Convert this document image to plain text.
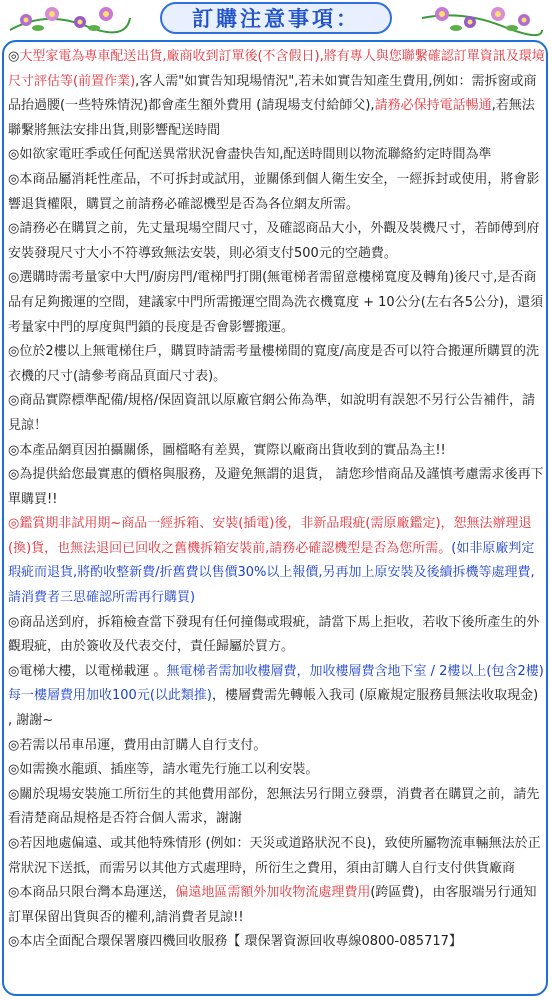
訂購注意事項：

◎大型家電為專車配送出貨,廠商收到訂單後(不含假日),將有專人與您聯繫確認訂單資訊及環境尺寸評估等(前置作業),客人需"如實告知現場情況",若未如實告知產生費用,例如：需拆窗或商品抬過腰(一些特殊情況)都會產生額外費用 (請現場支付給師父),請務必保持電話暢通,若無法聯繫將無法安排出貨,則影響配送時間

◎如欲家電旺季或任何配送異常狀況會盡快告知,配送時間則以物流聯絡約定時間為準

◎本商品屬消耗性產品，不可拆封或試用，並關係到個人衛生安全，一經拆封或使用，將會影響退貨權限，購買之前請務必確認機型是否為各位網友所需。

◎請務必在購買之前，先丈量現場空間尺寸，及確認商品大小，外觀及裝機尺寸，若師傅到府安裝發現尺寸大小不符導致無法安裝，則必須支付500元的空趟費。

◎選購時需考量家中大門/廚房門/電梯門打開(無電梯者需留意樓梯寬度及轉角)後尺寸,是否商品有足夠搬運的空間，建議家中門所需搬運空間為洗衣機寬度 + 10公分(左右各5公分)，還須考量家中門的厚度與門鎖的長度是否會影響搬運。

◎位於2樓以上無電梯住戶，購買時請需考量樓梯間的寬度/高度是否可以符合搬運所購買的洗衣機的尺寸(請參考商品頁面尺寸表)。

◎商品實際標準配備/規格/保固資訊以原廠官網公佈為準，如說明有誤恕不另行公告補件，請見諒！

◎本產品網頁因拍攝關係，圖檔略有差異，實際以廠商出貨收到的實品為主!!

◎為提供給您最實惠的價格與服務，及避免無謂的退貨， 請您珍惜商品及謹慎考慮需求後再下單購買!!

◎鑑賞期非試用期~商品一經拆箱、安裝(插電)後，非新品瑕疵(需原廠鑑定)，恕無法辦理退(換)貨，也無法退回已回收之舊機拆箱安裝前,請務必確認機型是否為您所需。(如非原廠判定瑕疵而退貨,將酌收整新費/折舊費以售價30%以上報價,另再加上原安裝及後續拆機等處理費,請消費者三思確認所需再行購買)

◎商品送到府，拆箱檢查當下發現有任何撞傷或瑕疵，請當下馬上拒收，若收下後所產生的外觀瑕疵，由於簽收及代表交付，責任歸屬於買方。

◎電梯大樓，以電梯載運 。無電梯者需加收樓層費，加收樓層費含地下室 / 2樓以上(包含2樓)每一樓層費用加收100元(以此類推)，樓層費需先轉帳入我司 (原廠規定服務員無法收取現金) , 謝謝~

◎若需以吊車吊運，費用由訂購人自行支付。

◎如需換水龍頭、插座等，請水電先行施工以利安裝。

◎關於現場安裝施工所衍生的其他費用部份，恕無法另行開立發票，消費者在購買之前，請先看清楚商品規格是否符合個人需求，謝謝

◎若因地處偏遠、或其他特殊情形 (例如：天災或道路狀況不良)，致使所屬物流車輛無法於正常狀況下送抵，而需另以其他方式處理時，所衍生之費用，須由訂購人自行支付供貨廠商

◎本商品只限台灣本島運送，偏遠地區需額外加收物流處理費用(跨區費)，由客服端另行通知訂單保留出貨與否的權利,請消費者見諒!!

◎本店全面配合環保署廢四機回收服務【 環保署資源回收專線0800-085717】
